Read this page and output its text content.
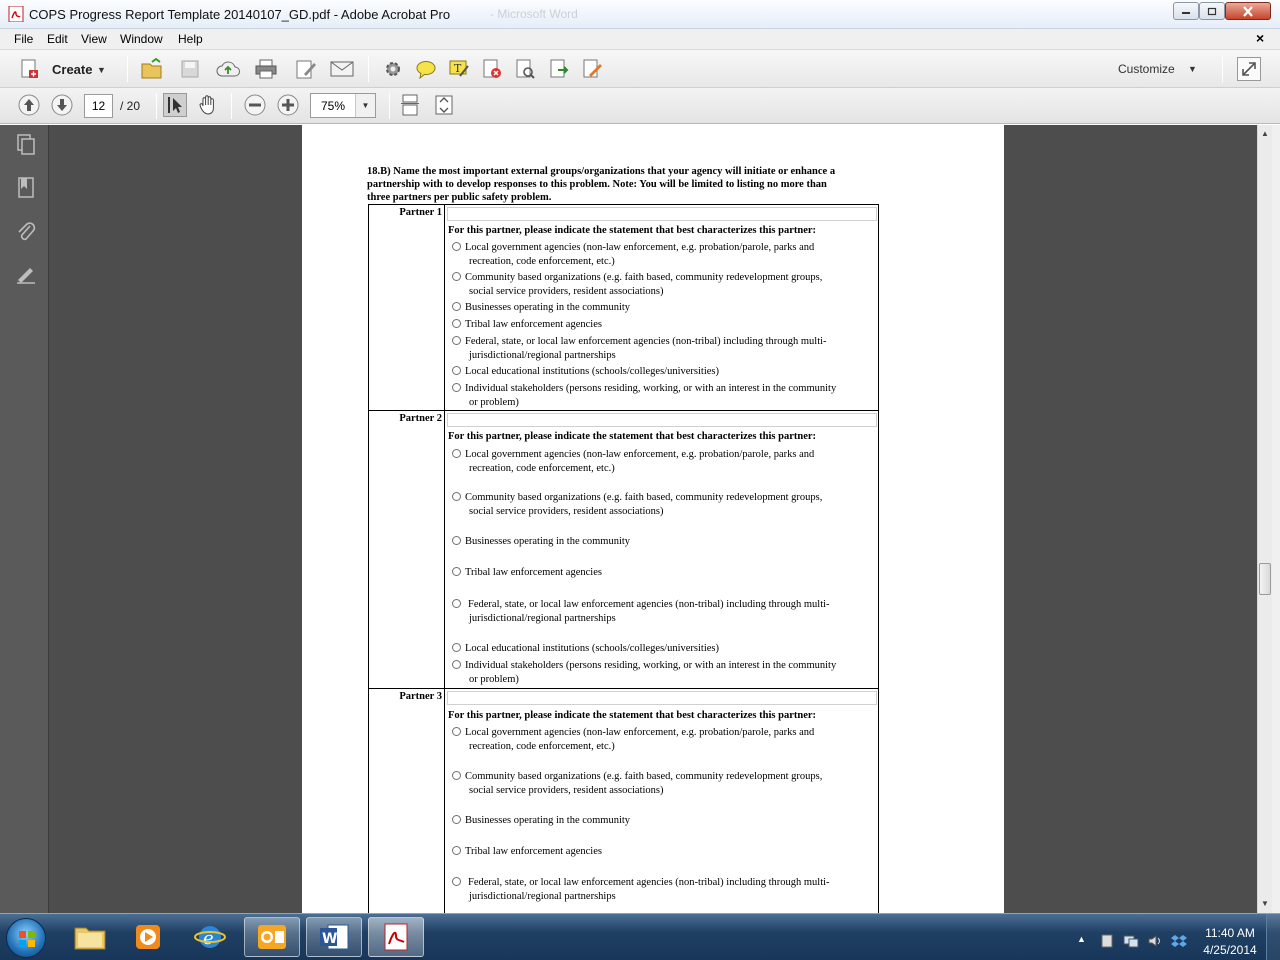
COPS Progress Report Template 20140107_GD.pdf - Adobe Acrobat Pro	- Microsoft Word
File Edit View Window Help	×
Create ▼	T	Customize ▼
12	/ 20	75%	▼
18.B) Name the most important external groups/organizations that your agency will initiate or enhance a
partnership with to develop responses to this problem. Note: You will be limited to listing no more than
three partners per public safety problem.
Partner 1
For this partner, please indicate the statement that best characterizes this partner:
Local government agencies (non-law enforcement, e.g. probation/parole, parks and
recreation, code enforcement, etc.)
Community based organizations (e.g. faith based, community redevelopment groups,
social service providers, resident associations)
Businesses operating in the community
Tribal law enforcement agencies
Federal, state, or local law enforcement agencies (non-tribal) including through multi-
jurisdictional/regional partnerships
Local educational institutions (schools/colleges/universities)
Individual stakeholders (persons residing, working, or with an interest in the community
or problem)
Partner 2
For this partner, please indicate the statement that best characterizes this partner:
Local government agencies (non-law enforcement, e.g. probation/parole, parks and
recreation, code enforcement, etc.)
Community based organizations (e.g. faith based, community redevelopment groups,
social service providers, resident associations)
Businesses operating in the community
Tribal law enforcement agencies
Federal, state, or local law enforcement agencies (non-tribal) including through multi-
jurisdictional/regional partnerships
Local educational institutions (schools/colleges/universities)
Individual stakeholders (persons residing, working, or with an interest in the community
or problem)
Partner 3
For this partner, please indicate the statement that best characterizes this partner:
Local government agencies (non-law enforcement, e.g. probation/parole, parks and
recreation, code enforcement, etc.)
Community based organizations (e.g. faith based, community redevelopment groups,
social service providers, resident associations)
Businesses operating in the community
Tribal law enforcement agencies
Federal, state, or local law enforcement agencies (non-tribal) including through multi-
jurisdictional/regional partnerships
▲
▼
e	W	▲	11:40 AM
4/25/2014
